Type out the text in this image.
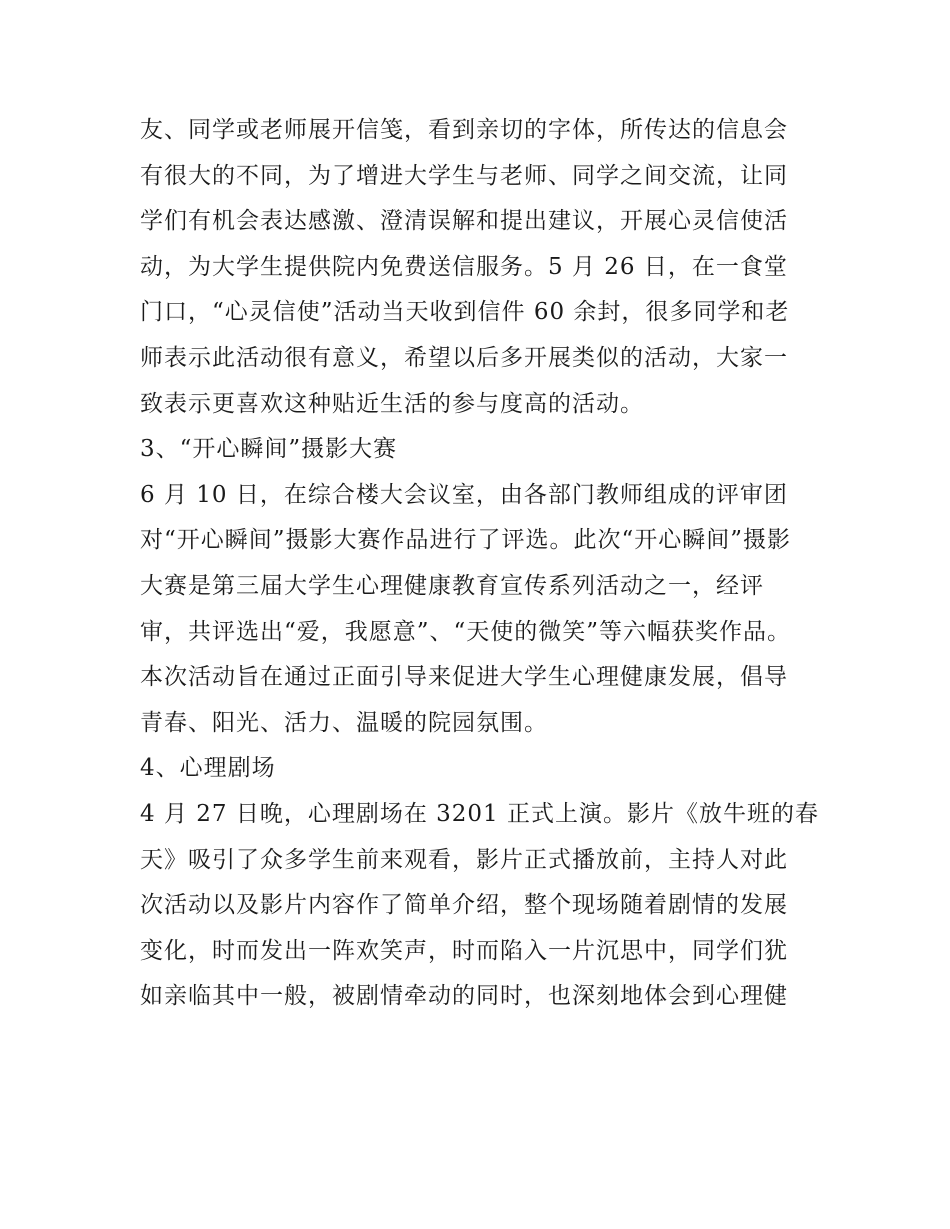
友、同学或老师展开信笺，看到亲切的字体，所传达的信息会
有很大的不同，为了增进大学生与老师、同学之间交流，让同
学们有机会表达感激、澄清误解和提出建议，开展心灵信使活
动，为大学生提供院内免费送信服务。5 月 26 日，在一食堂
门口，“心灵信使”活动当天收到信件 60 余封，很多同学和老
师表示此活动很有意义，希望以后多开展类似的活动，大家一
致表示更喜欢这种贴近生活的参与度高的活动。
3、“开心瞬间”摄影大赛
6 月 10 日，在综合楼大会议室，由各部门教师组成的评审团
对“开心瞬间”摄影大赛作品进行了评选。此次“开心瞬间”摄影
大赛是第三届大学生心理健康教育宣传系列活动之一，经评
审，共评选出“爱，我愿意”、“天使的微笑”等六幅获奖作品。
本次活动旨在通过正面引导来促进大学生心理健康发展，倡导
青春、阳光、活力、温暖的院园氛围。
4、心理剧场
4 月 27 日晚，心理剧场在 3201 正式上演。影片《放牛班的春
天》吸引了众多学生前来观看，影片正式播放前，主持人对此
次活动以及影片内容作了简单介绍，整个现场随着剧情的发展
变化，时而发出一阵欢笑声，时而陷入一片沉思中，同学们犹
如亲临其中一般，被剧情牵动的同时，也深刻地体会到心理健
